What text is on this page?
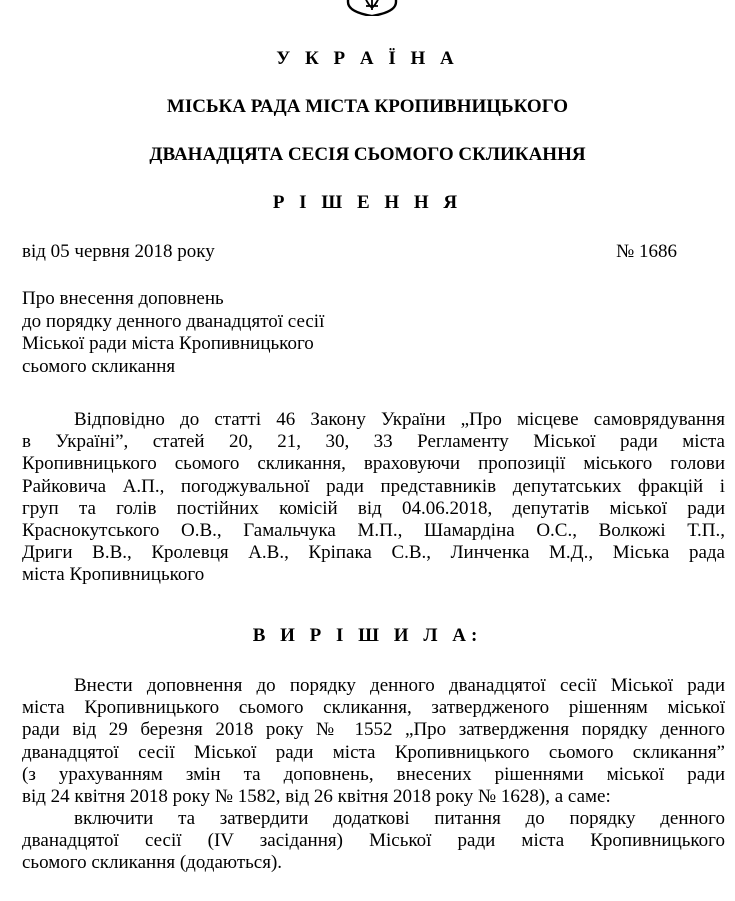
У К Р А Ї Н А
МІСЬКА РАДА МІСТА КРОПИВНИЦЬКОГО
ДВАНАДЦЯТА СЕСІЯ СЬОМОГО СКЛИКАННЯ
Р І Ш Е Н Н Я
від 05 червня 2018 року	№ 1686
Про внесення доповнень
до порядку денного дванадцятої сесії
Міської ради міста Кропивницького
сьомого скликання
Відповідно до статті 46 Закону України „Про місцеве самоврядування
в Україні”, статей 20, 21, 30, 33 Регламенту Міської ради міста
Кропивницького сьомого скликання, враховуючи пропозиції міського голови
Райковича А.П., погоджувальної ради представників депутатських фракцій і
груп та голів постійних комісій від 04.06.2018, депутатів міської ради
Краснокутського О.В., Гамальчука М.П., Шамардіна О.С., Волкожі Т.П.,
Дриги В.В., Кролевця А.В., Кріпака С.В., Линченка М.Д., Міська рада
міста Кропивницького
В И Р І Ш И Л А:
Внести доповнення до порядку денного дванадцятої сесії Міської ради
міста Кропивницького сьомого скликання, затвердженого рішенням міської
ради від 29 березня 2018 року № 1552 „Про затвердження порядку денного
дванадцятої сесії Міської ради міста Кропивницького сьомого скликання”
(з урахуванням змін та доповнень, внесених рішеннями міської ради
від 24 квітня 2018 року № 1582, від 26 квітня 2018 року № 1628), а саме:
включити та затвердити додаткові питання до порядку денного
дванадцятої сесії (IV засідання) Міської ради міста Кропивницького
сьомого скликання (додаються).
